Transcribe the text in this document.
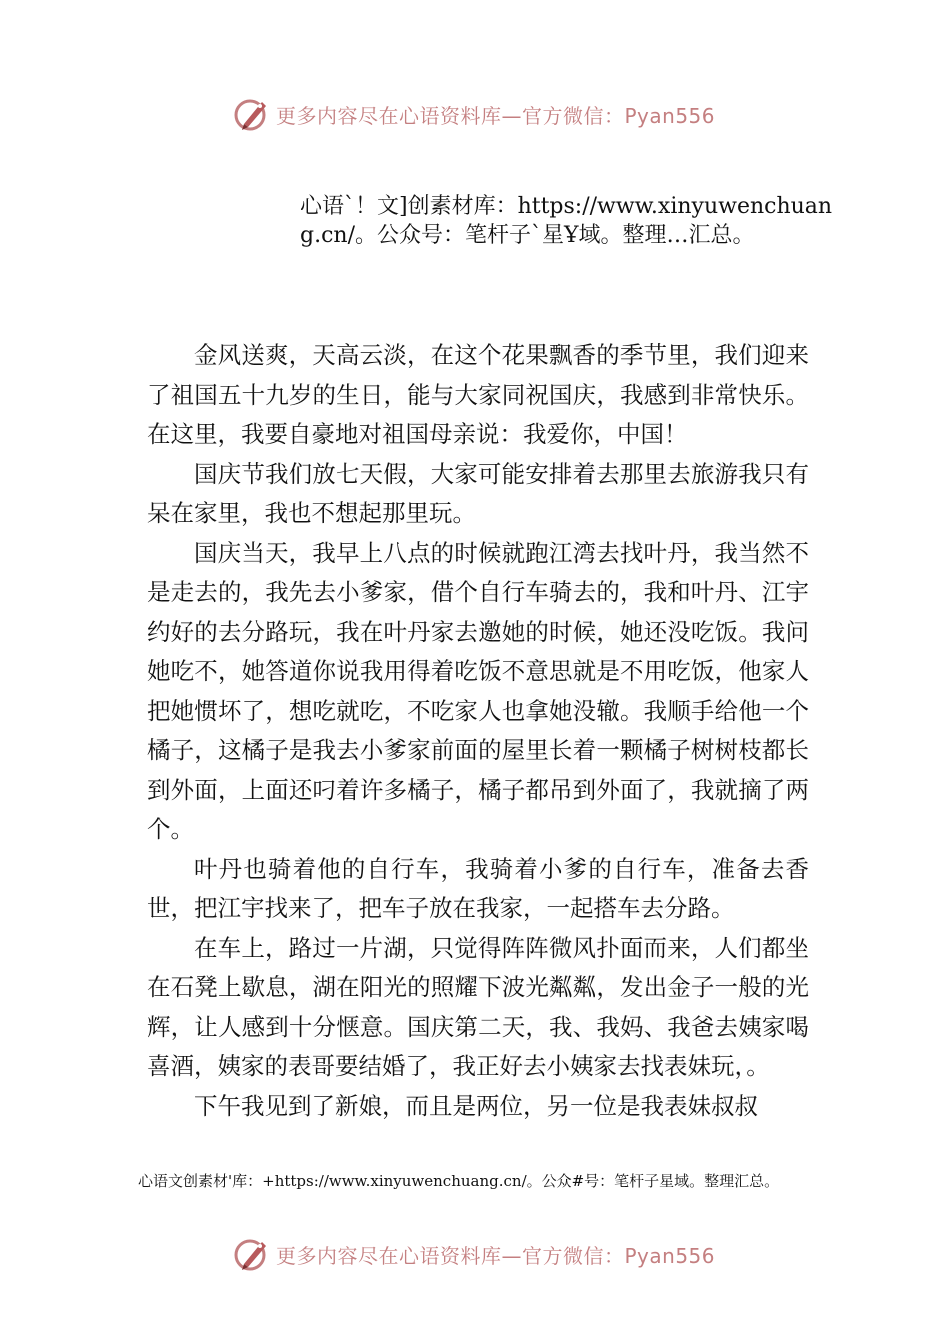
更多内容尽在心语资料库—官方微信：Pyan556
心语`！文]创素材库：https://www.xinyuwenchuang.cn/。公众号：笔杆子`星Ұ域。整理…汇总。

金风送爽，天高云淡，在这个花果飘香的季节里，我们迎来了祖国五十九岁的生日，能与大家同祝国庆，我感到非常快乐。在这里，我要自豪地对祖国母亲说：我爱你，中国！

国庆节我们放七天假，大家可能安排着去那里去旅游我只有呆在家里，我也不想起那里玩。

国庆当天，我早上八点的时候就跑江湾去找叶丹，我当然不是走去的，我先去小爹家，借个自行车骑去的，我和叶丹、江宇约好的去分路玩，我在叶丹家去邀她的时候，她还没吃饭。我问她吃不，她答道你说我用得着吃饭不意思就是不用吃饭，他家人把她惯坏了，想吃就吃，不吃家人也拿她没辙。我顺手给他一个橘子，这橘子是我去小爹家前面的屋里长着一颗橘子树树枝都长到外面，上面还叼着许多橘子，橘子都吊到外面了，我就摘了两个。

叶丹也骑着他的自行车，我骑着小爹的自行车，准备去香世，把江宇找来了，把车子放在我家，一起搭车去分路。

在车上，路过一片湖，只觉得阵阵微风扑面而来，人们都坐在石凳上歇息，湖在阳光的照耀下波光粼粼，发出金子一般的光辉，让人感到十分惬意。国庆第二天，我、我妈、我爸去姨家喝喜酒，姨家的表哥要结婚了，我正好去小姨家去找表妹玩，。

下午我见到了新娘，而且是两位，另一位是我表妹叔叔

心语文创素材'库：+https://www.xinyuwenchuang.cn/。公众#号：笔杆子星域。整理汇总。
更多内容尽在心语资料库—官方微信：Pyan556
